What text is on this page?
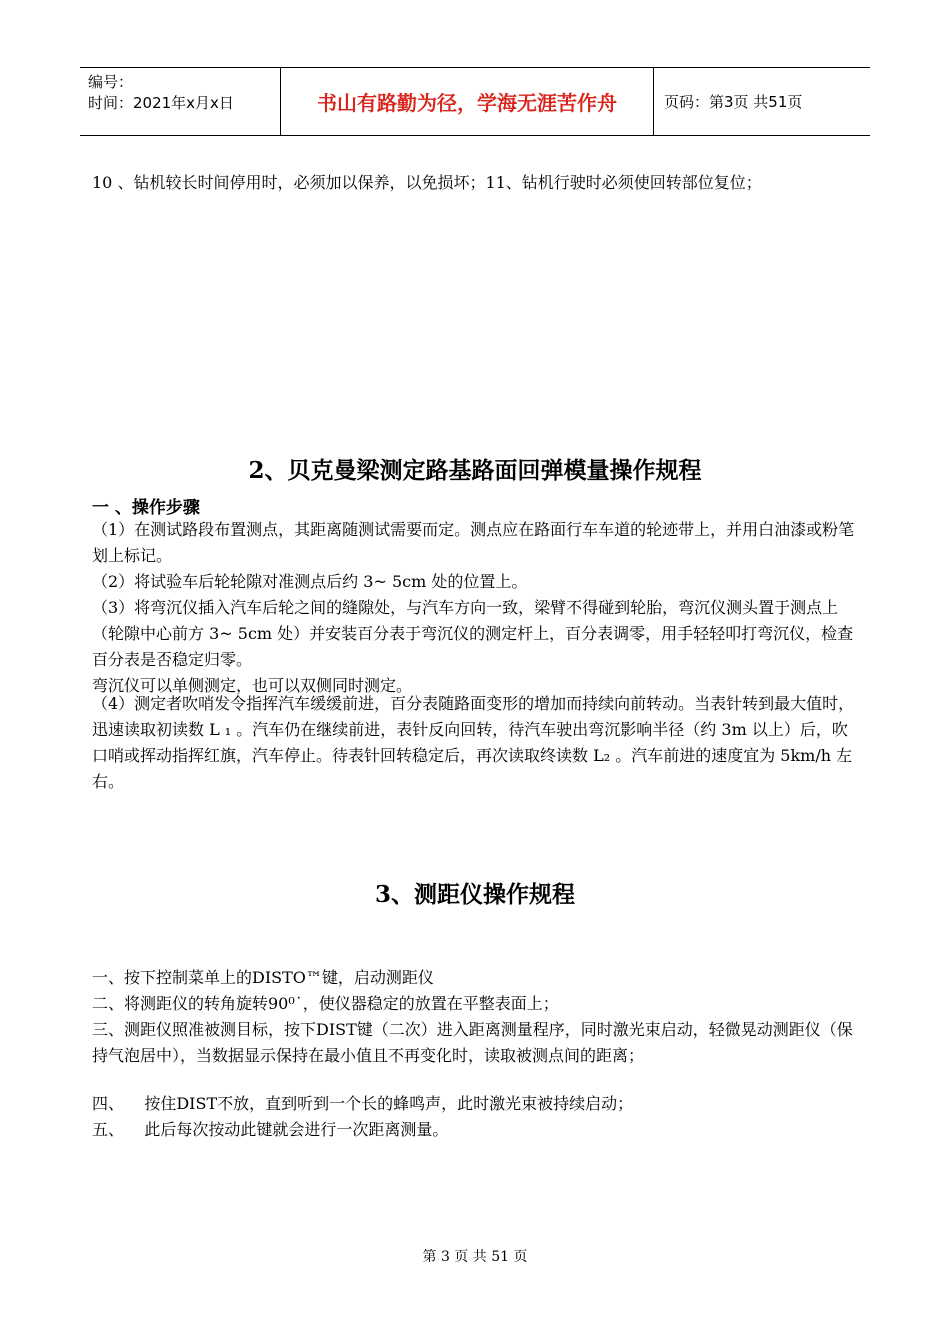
编号：
时间：2021年x月x日	书山有路勤为径，学海无涯苦作舟	页码：第3页 共51页

10 、钻机较长时间停用时，必须加以保养，以免损坏；11、钻机行驶时必须使回转部位复位；

2、贝克曼梁测定路基路面回弹模量操作规程
一 、操作步骤

（1）在测试路段布置测点，其距离随测试需要而定。测点应在路面行车车道的轮迹带上，并用白油漆或粉笔划上标记。

（2）将试验车后轮轮隙对准测点后约 3~ 5cm 处的位置上。

（3）将弯沉仪插入汽车后轮之间的缝隙处，与汽车方向一致，梁臂不得碰到轮胎，弯沉仪测头置于测点上（轮隙中心前方 3~ 5cm 处）并安装百分表于弯沉仪的测定杆上，百分表调零，用手轻轻叩打弯沉仪，检查百分表是否稳定归零。

弯沉仪可以单侧测定，也可以双侧同时测定。

（4）测定者吹哨发令指挥汽车缓缓前进，百分表随路面变形的增加而持续向前转动。当表针转到最大值时，迅速读取初读数 L ₁ 。汽车仍在继续前进，表针反向回转，待汽车驶出弯沉影响半径（约 3m 以上）后，吹口哨或挥动指挥红旗，汽车停止。待表针回转稳定后，再次读取终读数 L₂ 。汽车前进的速度宜为 5km/h 左右。

3、测距仪操作规程

一、按下控制菜单上的DISTO™键，启动测距仪

二、将测距仪的转角旋转90⁰˙，使仪器稳定的放置在平整表面上；

三、测距仪照准被测目标，按下DIST键（二次）进入距离测量程序，同时激光束启动，轻微晃动测距仪（保持气泡居中），当数据显示保持在最小值且不再变化时，读取被测点间的距离；

四、    按住DIST不放，直到听到一个长的蜂鸣声，此时激光束被持续启动；

五、    此后每次按动此键就会进行一次距离测量。

第 3 页 共 51 页
